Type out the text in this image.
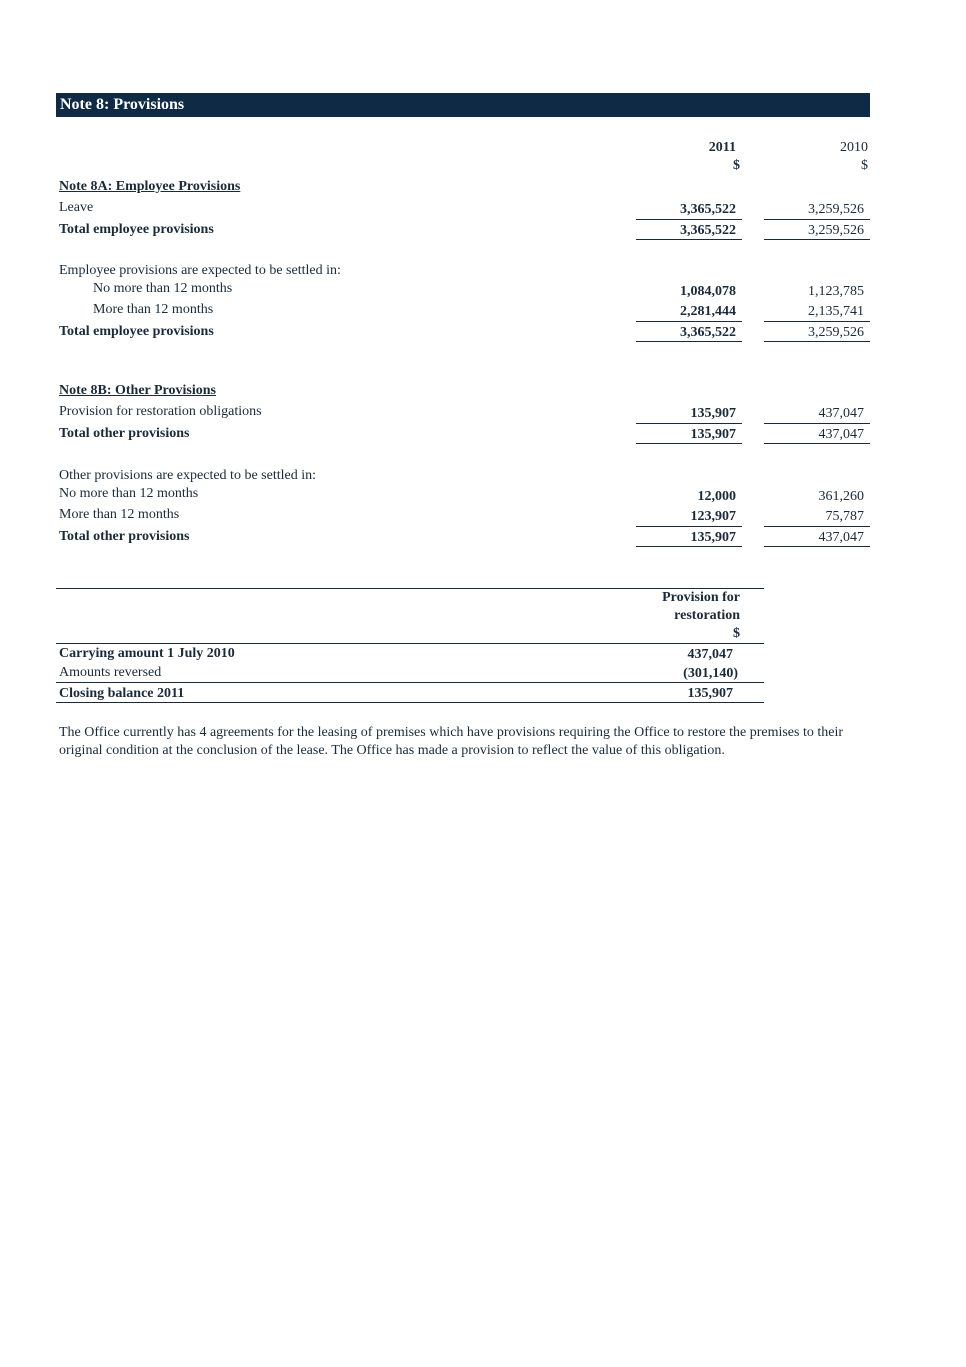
Note 8: Provisions
2011	2010
$	$
Note 8A: Employee Provisions
Leave	3,365,522	3,259,526
Total employee provisions	3,365,522	3,259,526
Employee provisions are expected to be settled in:
No more than 12 months	1,084,078	1,123,785
More than 12 months	2,281,444	2,135,741
Total employee provisions	3,365,522	3,259,526
Note 8B: Other Provisions
Provision for restoration obligations	135,907	437,047
Total other provisions	135,907	437,047
Other provisions are expected to be settled in:
No more than 12 months	12,000	361,260
More than 12 months	123,907	75,787
Total other provisions	135,907	437,047
Provision for
restoration
$
Carrying amount 1 July 2010	437,047
Amounts reversed	(301,140)
Closing balance 2011	135,907
The Office currently has 4 agreements for the leasing of premises which have provisions requiring the Office to restore the premises to their original condition at the conclusion of the lease. The Office has made a provision to reflect the value of this obligation.
